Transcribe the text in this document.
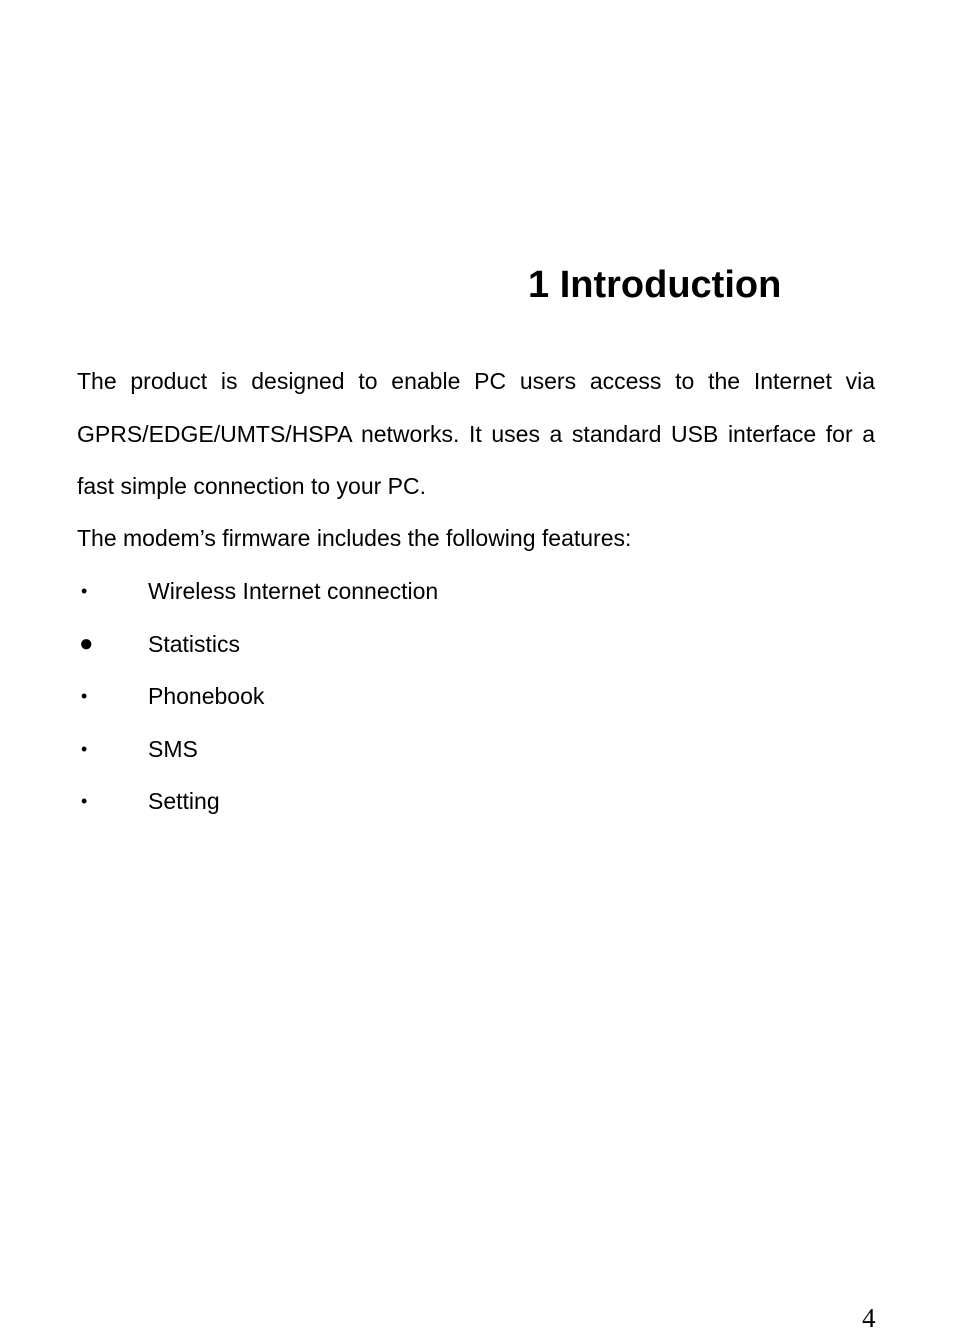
1 Introduction

The product is designed to enable PC users access to the Internet via GPRS/EDGE/UMTS/HSPA networks. It uses a standard USB interface for a fast simple connection to your PC.

The modem’s firmware includes the following features:

•	Wireless Internet connection
● Statistics
•	Phonebook
•	SMS
•	Setting
4
